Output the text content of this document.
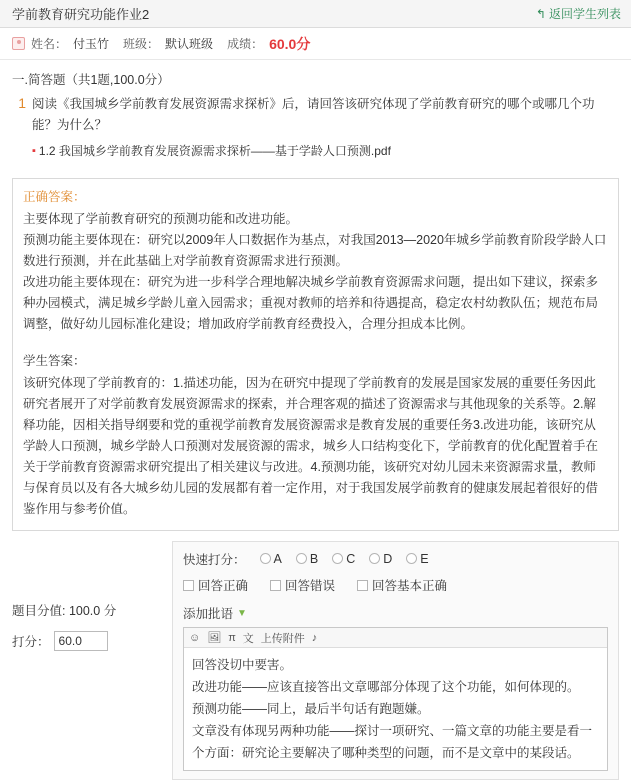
学前教育研究功能作业2	↰ 返回学生列表
姓名： 付玉竹 班级： 默认班级 成绩： 60.0分
一.简答题（共1题,100.0分）
1 阅读《我国城乡学前教育发展资源需求探析》后，请回答该研究体现了学前教育研究的哪个或哪几个功能？为什么？
▪ 1.2 我国城乡学前教育发展资源需求探析——基于学龄人口预测.pdf
正确答案：

主要体现了学前教育研究的预测功能和改进功能。

预测功能主要体现在：研究以2009年人口数据作为基点，对我国2013—2020年城乡学前教育阶段学龄人口数进行预测，并在此基础上对学前教育资源需求进行预测。

改进功能主要体现在：研究为进一步科学合理地解决城乡学前教育资源需求问题，提出如下建议，探索多种办园模式，满足城乡学龄儿童入园需求；重视对教师的培养和待遇提高，稳定农村幼教队伍；规范布局调整，做好幼儿园标准化建设；增加政府学前教育经费投入，合理分担成本比例。

学生答案：

该研究体现了学前教育的：1.描述功能，因为在研究中提现了学前教育的发展是国家发展的重要任务因此研究者展开了对学前教育发展资源需求的探索，并合理客观的描述了资源需求与其他现象的关系等。2.解释功能，因相关指导纲要和党的重视学前教育发展资源需求是教育发展的重要任务3.改进功能，该研究从学龄人口预测，城乡学龄人口预测对发展资源的需求，城乡人口结构变化下，学前教育的优化配置着手在关于学前教育资源需求研究提出了相关建议与改进。4.预测功能，该研究对幼儿园未来资源需求量，教师与保育员以及有各大城乡幼儿园的发展都有着一定作用，对于我国发展学前教育的健康发展起着很好的借鉴作用与参考价值。

题目分值: 100.0 分
打分：
60.0
快速打分：	A	B	C	D	E
回答正确	回答错误	回答基本正确
添加批语 ▼
☺ 🖼 π 文 上传附件 ♪

回答没切中要害。

改进功能——应该直接答出文章哪部分体现了这个功能，如何体现的。

预测功能——同上，最后半句话有跑题嫌。

文章没有体现另两种功能——探讨一项研究、一篇文章的功能主要是看一个方面：研究论主要解决了哪种类型的问题，而不是文章中的某段话。
